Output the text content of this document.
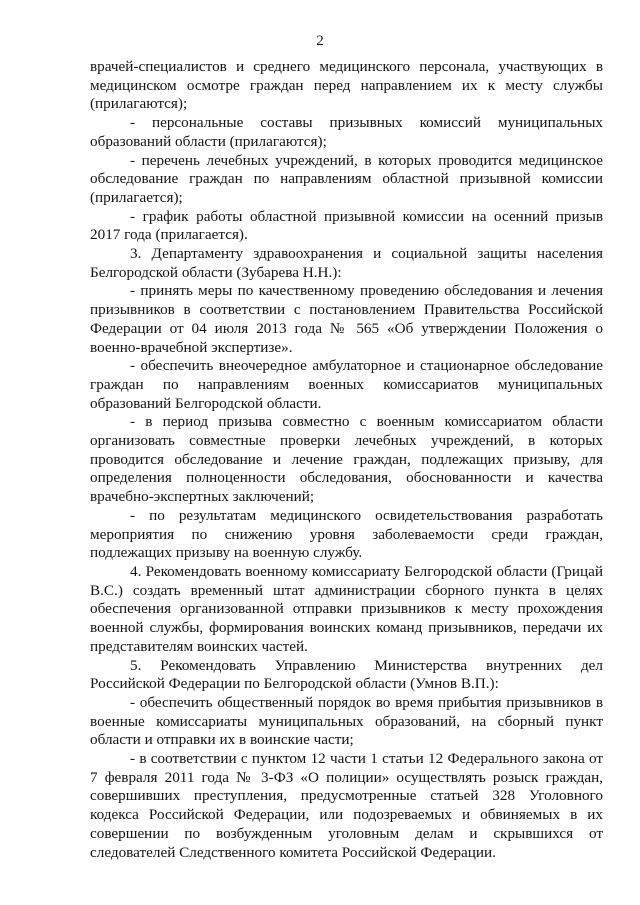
2

врачей-специалистов и среднего медицинского персонала, участвующих в медицинском осмотре граждан перед направлением их к месту службы (прилагаются);

- персональные составы призывных комиссий муниципальных образований области (прилагаются);

- перечень лечебных учреждений, в которых проводится медицинское обследование граждан по направлениям областной призывной комиссии (прилагается);

- график работы областной призывной комиссии на осенний призыв 2017 года (прилагается).

3. Департаменту здравоохранения и социальной защиты населения Белгородской области (Зубарева Н.Н.):

- принять меры по качественному проведению обследования и лечения призывников в соответствии с постановлением Правительства Российской Федерации от 04 июля 2013 года № 565 «Об утверждении Положения о военно-врачебной экспертизе».

- обеспечить внеочередное амбулаторное и стационарное обследование граждан по направлениям военных комиссариатов муниципальных образований Белгородской области.

- в период призыва совместно с военным комиссариатом области организовать совместные проверки лечебных учреждений, в которых проводится обследование и лечение граждан, подлежащих призыву, для определения полноценности обследования, обоснованности и качества врачебно-экспертных заключений;

- по результатам медицинского освидетельствования разработать мероприятия по снижению уровня заболеваемости среди граждан, подлежащих призыву на военную службу.

4. Рекомендовать военному комиссариату Белгородской области (Грицай В.С.) создать временный штат администрации сборного пункта в целях обеспечения организованной отправки призывников к месту прохождения военной службы, формирования воинских команд призывников, передачи их представителям воинских частей.

5. Рекомендовать Управлению Министерства внутренних дел Российской Федерации по Белгородской области (Умнов В.П.):

- обеспечить общественный порядок во время прибытия призывников в военные комиссариаты муниципальных образований, на сборный пункт области и отправки их в воинские части;

- в соответствии с пунктом 12 части 1 статьи 12 Федерального закона от 7 февраля 2011 года № 3-ФЗ «О полиции» осуществлять розыск граждан, совершивших преступления, предусмотренные статьей 328 Уголовного кодекса Российской Федерации, или подозреваемых и обвиняемых в их совершении по возбужденным уголовным делам и скрывшихся от следователей Следственного комитета Российской Федерации.
